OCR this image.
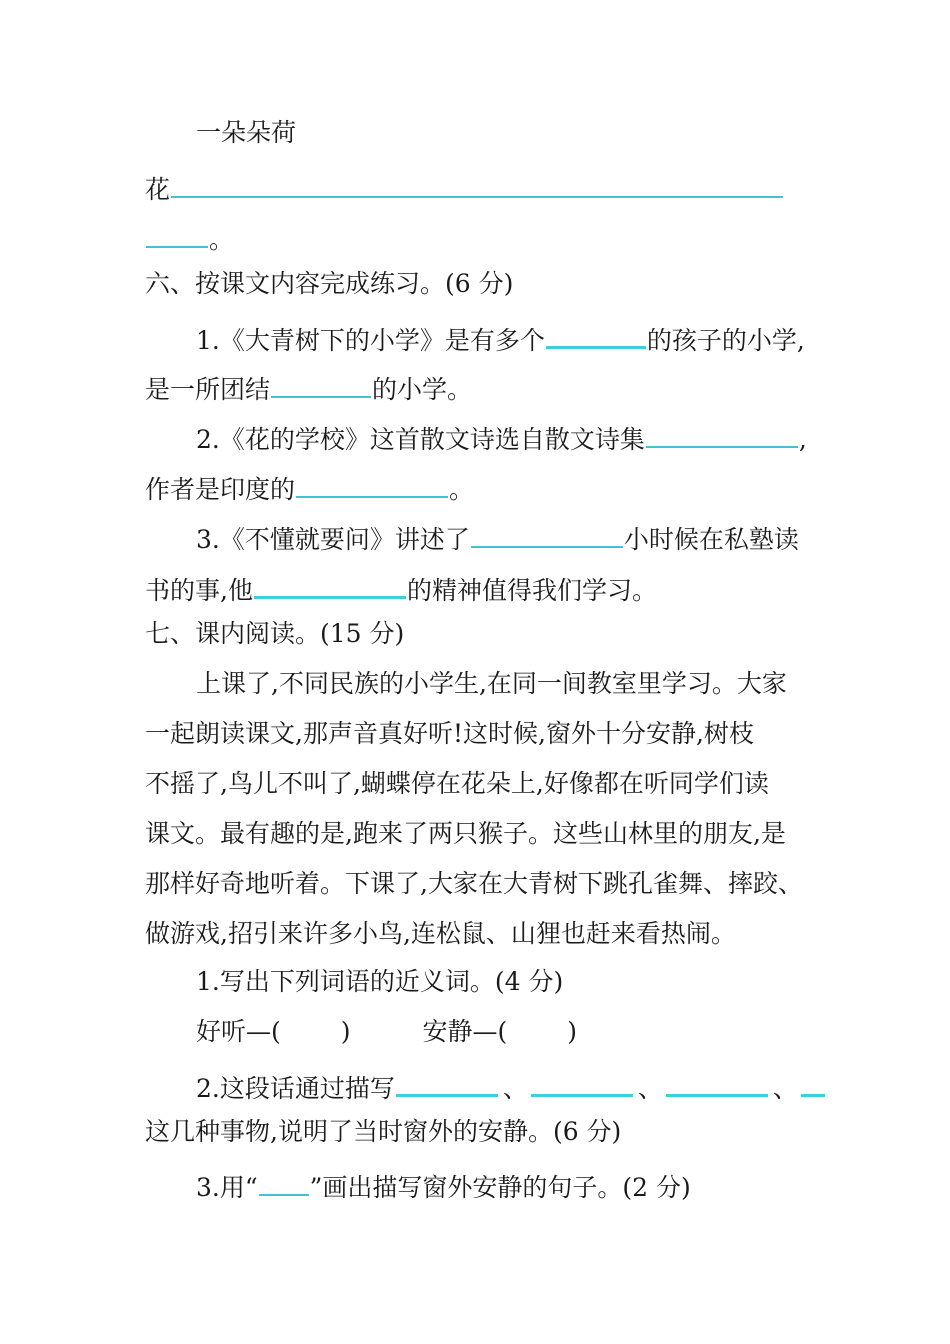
一朵朵荷
花
。
六、按课文内容完成练习。(6 分)
1.《大青树下的小学》是有多个	的孩子的小学,
是一所团结	的小学。
2.《花的学校》这首散文诗选自散文诗集	,
作者是印度的	。
3.《不懂就要问》讲述了	小时候在私塾读
书的事,他	的精神值得我们学习。
七、课内阅读。(15 分)
上课了,不同民族的小学生,在同一间教室里学习。大家
一起朗读课文,那声音真好听!这时候,窗外十分安静,树枝
不摇了,鸟儿不叫了,蝴蝶停在花朵上,好像都在听同学们读
课文。最有趣的是,跑来了两只猴子。这些山林里的朋友,是
那样好奇地听着。下课了,大家在大青树下跳孔雀舞、摔跤、
做游戏,招引来许多小鸟,连松鼠、山狸也赶来看热闹。
1.写出下列词语的近义词。(4 分)
好听—( )	安静—( )
2.这段话通过描写	、	、	、
这几种事物,说明了当时窗外的安静。(6 分)
3.用“ ”画出描写窗外安静的句子。(2 分)
